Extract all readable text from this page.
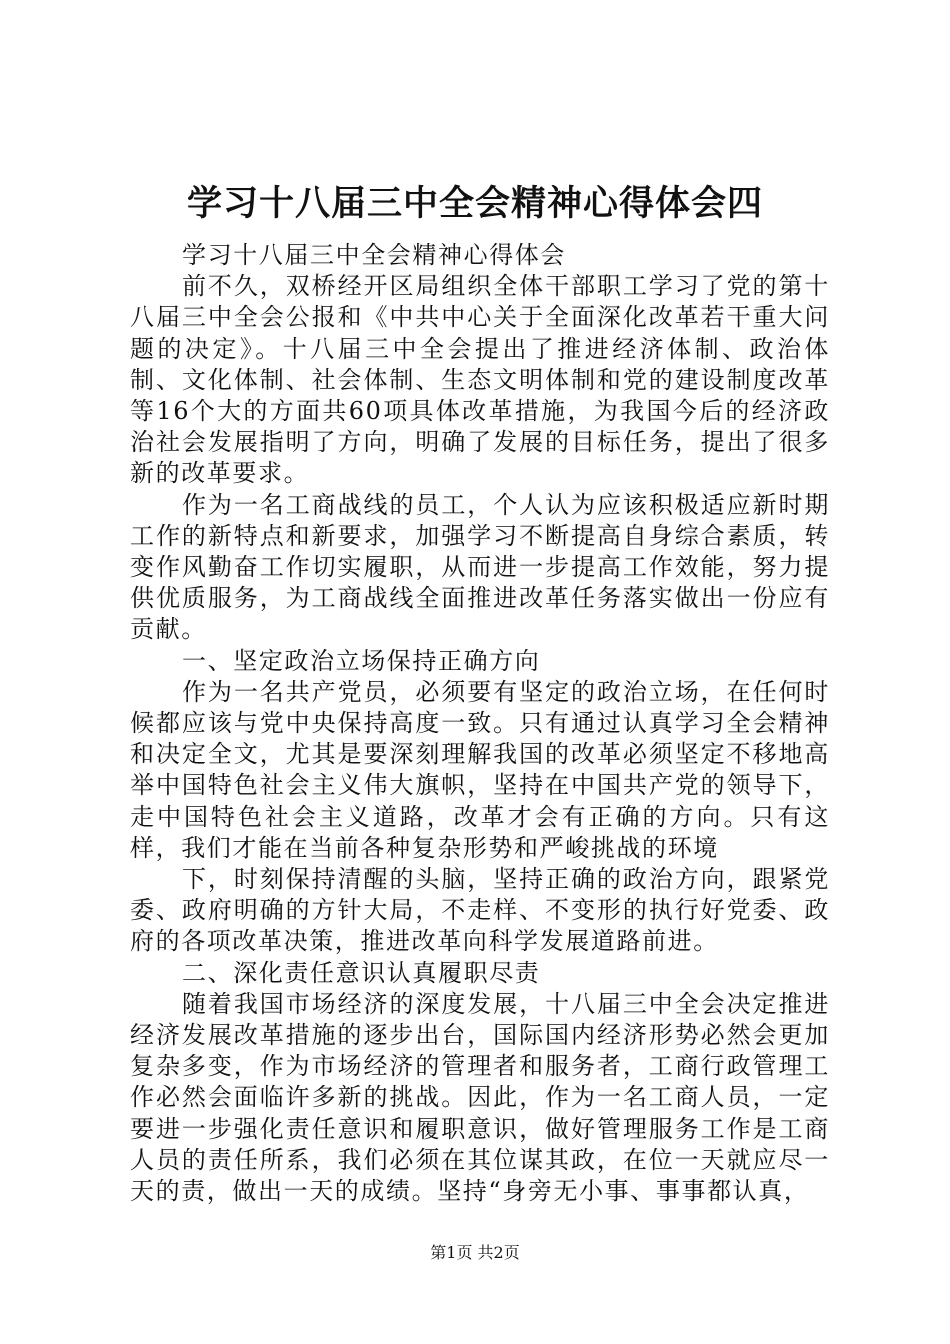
学习十八届三中全会精神心得体会四

学习十八届三中全会精神心得体会

前不久，双桥经开区局组织全体干部职工学习了党的第十八届三中全会公报和《中共中心关于全面深化改革若干重大问题的决定》。十八届三中全会提出了推进经济体制、政治体制、文化体制、社会体制、生态文明体制和党的建设制度改革等16个大的方面共60项具体改革措施，为我国今后的经济政治社会发展指明了方向，明确了发展的目标任务，提出了很多新的改革要求。

作为一名工商战线的员工，个人认为应该积极适应新时期工作的新特点和新要求，加强学习不断提高自身综合素质，转变作风勤奋工作切实履职，从而进一步提高工作效能，努力提供优质服务，为工商战线全面推进改革任务落实做出一份应有贡献。

一、坚定政治立场保持正确方向

作为一名共产党员，必须要有坚定的政治立场，在任何时候都应该与党中央保持高度一致。只有通过认真学习全会精神和决定全文，尤其是要深刻理解我国的改革必须坚定不移地高举中国特色社会主义伟大旗帜，坚持在中国共产党的领导下，走中国特色社会主义道路，改革才会有正确的方向。只有这样，我们才能在当前各种复杂形势和严峻挑战的环境

下，时刻保持清醒的头脑，坚持正确的政治方向，跟紧党委、政府明确的方针大局，不走样、不变形的执行好党委、政府的各项改革决策，推进改革向科学发展道路前进。

二、深化责任意识认真履职尽责

随着我国市场经济的深度发展，十八届三中全会决定推进经济发展改革措施的逐步出台，国际国内经济形势必然会更加复杂多变，作为市场经济的管理者和服务者，工商行政管理工作必然会面临许多新的挑战。因此，作为一名工商人员，一定要进一步强化责任意识和履职意识，做好管理服务工作是工商人员的责任所系，我们必须在其位谋其政，在位一天就应尽一天的责，做出一天的成绩。坚持“身旁无小事、事事都认真，

第1页 共2页
